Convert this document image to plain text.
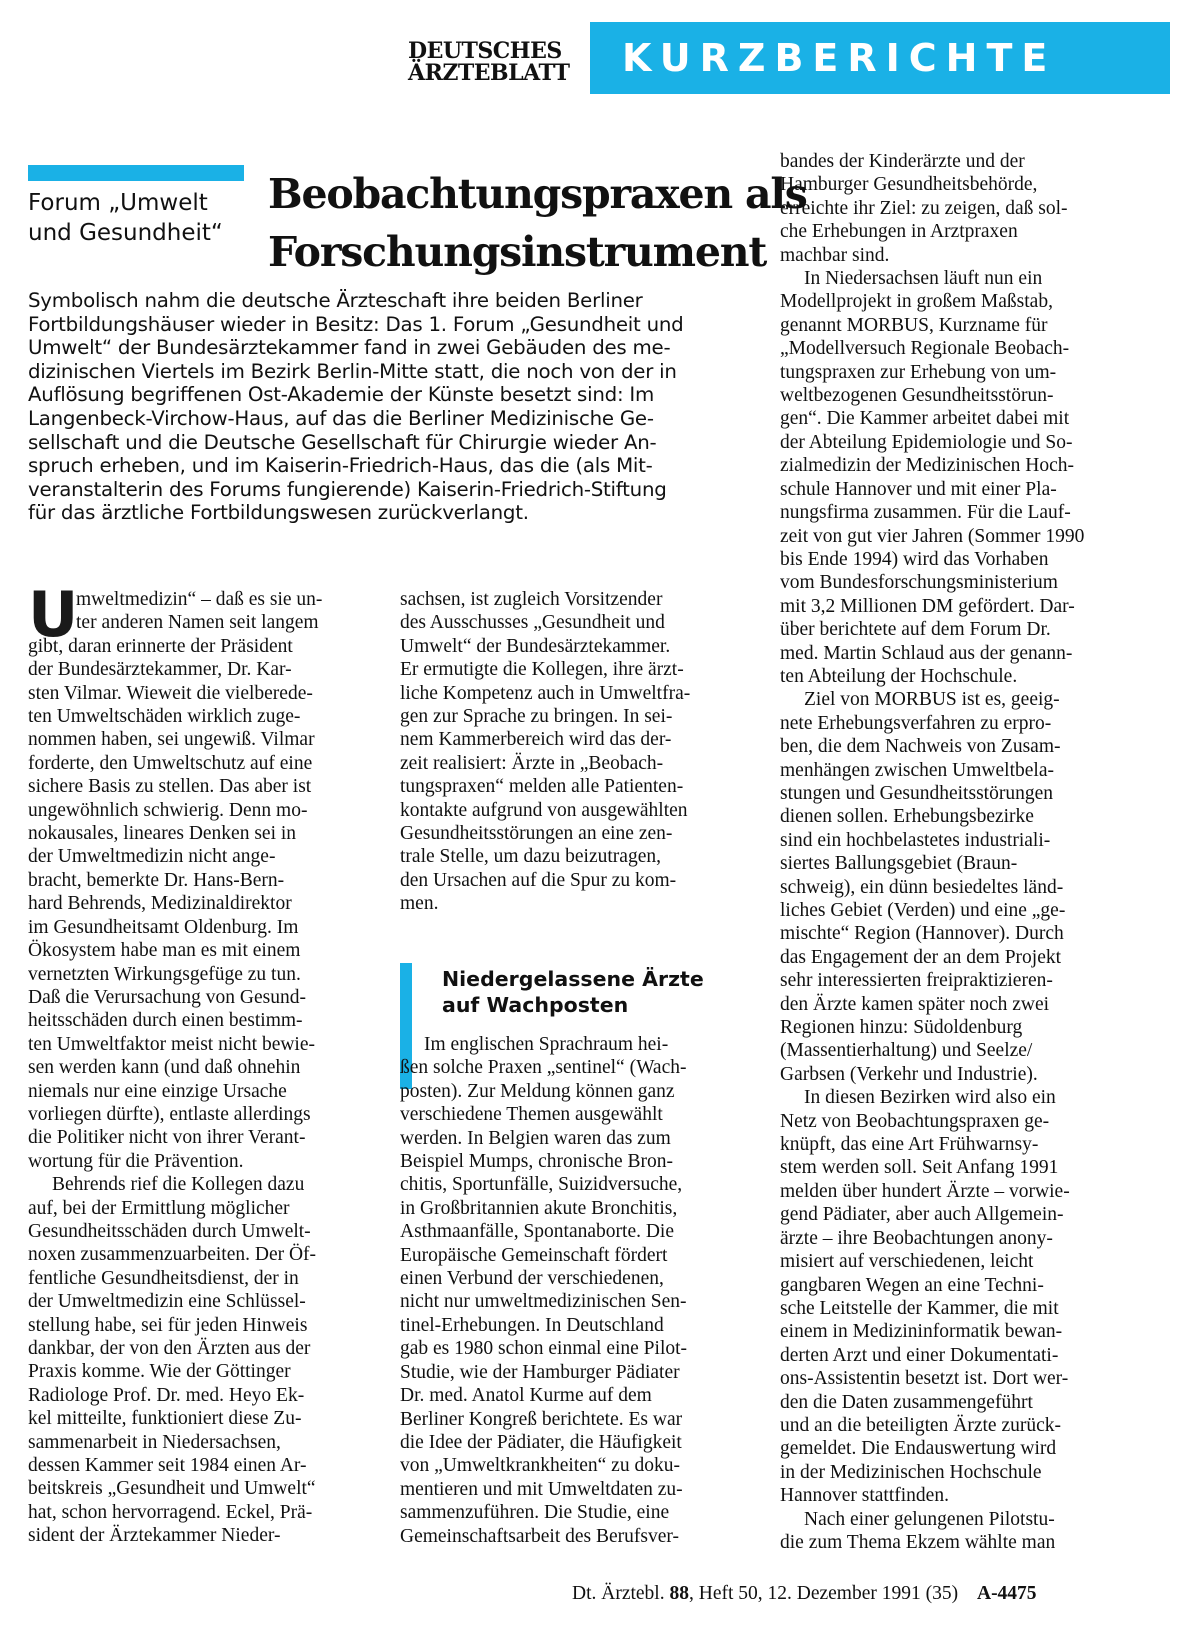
DEUTSCHES
ÄRZTEBLATT	KURZBERICHTE
Forum „Umwelt
und Gesundheit“
Beobachtungspraxen als
Forschungsinstrument
Symbolisch nahm die deutsche Ärzteschaft ihre beiden Berliner
Fortbildungshäuser wieder in Besitz: Das 1. Forum „Gesundheit und
Umwelt“ der Bundesärztekammer fand in zwei Gebäuden des me-
dizinischen Viertels im Bezirk Berlin-Mitte statt, die noch von der in
Auflösung begriffenen Ost-Akademie der Künste besetzt sind: Im
Langenbeck-Virchow-Haus, auf das die Berliner Medizinische Ge-
sellschaft und die Deutsche Gesellschaft für Chirurgie wieder An-
spruch erheben, und im Kaiserin-Friedrich-Haus, das die (als Mit-
veranstalterin des Forums fungierende) Kaiserin-Friedrich-Stiftung
für das ärztliche Fortbildungswesen zurückverlangt.
U
mweltmedizin“ – daß es sie un-
ter anderen Namen seit langem
gibt, daran erinnerte der Präsident
der Bundesärztekammer, Dr. Kar-
sten Vilmar. Wieweit die vielberede-
ten Umweltschäden wirklich zuge-
nommen haben, sei ungewiß. Vilmar
forderte, den Umweltschutz auf eine
sichere Basis zu stellen. Das aber ist
ungewöhnlich schwierig. Denn mo-
nokausales, lineares Denken sei in
der Umweltmedizin nicht ange-
bracht, bemerkte Dr. Hans-Bern-
hard Behrends, Medizinaldirektor
im Gesundheitsamt Oldenburg. Im
Ökosystem habe man es mit einem
vernetzten Wirkungsgefüge zu tun.
Daß die Verursachung von Gesund-
heitsschäden durch einen bestimm-
ten Umweltfaktor meist nicht bewie-
sen werden kann (und daß ohnehin
niemals nur eine einzige Ursache
vorliegen dürfte), entlaste allerdings
die Politiker nicht von ihrer Verant-
wortung für die Prävention.
Behrends rief die Kollegen dazu
auf, bei der Ermittlung möglicher
Gesundheitsschäden durch Umwelt-
noxen zusammenzuarbeiten. Der Öf-
fentliche Gesundheitsdienst, der in
der Umweltmedizin eine Schlüssel-
stellung habe, sei für jeden Hinweis
dankbar, der von den Ärzten aus der
Praxis komme. Wie der Göttinger
Radiologe Prof. Dr. med. Heyo Ek-
kel mitteilte, funktioniert diese Zu-
sammenarbeit in Niedersachsen,
dessen Kammer seit 1984 einen Ar-
beitskreis „Gesundheit und Umwelt“
hat, schon hervorragend. Eckel, Prä-
sident der Ärztekammer Nieder-
sachsen, ist zugleich Vorsitzender
des Ausschusses „Gesundheit und
Umwelt“ der Bundesärztekammer.
Er ermutigte die Kollegen, ihre ärzt-
liche Kompetenz auch in Umweltfra-
gen zur Sprache zu bringen. In sei-
nem Kammerbereich wird das der-
zeit realisiert: Ärzte in „Beobach-
tungspraxen“ melden alle Patienten-
kontakte aufgrund von ausgewählten
Gesundheitsstörungen an eine zen-
trale Stelle, um dazu beizutragen,
den Ursachen auf die Spur zu kom-
men.
Niedergelassene Ärzte
auf Wachposten
Im englischen Sprachraum hei-
ßen solche Praxen „sentinel“ (Wach-
posten). Zur Meldung können ganz
verschiedene Themen ausgewählt
werden. In Belgien waren das zum
Beispiel Mumps, chronische Bron-
chitis, Sportunfälle, Suizidversuche,
in Großbritannien akute Bronchitis,
Asthmaanfälle, Spontanaborte. Die
Europäische Gemeinschaft fördert
einen Verbund der verschiedenen,
nicht nur umweltmedizinischen Sen-
tinel-Erhebungen. In Deutschland
gab es 1980 schon einmal eine Pilot-
Studie, wie der Hamburger Pädiater
Dr. med. Anatol Kurme auf dem
Berliner Kongreß berichtete. Es war
die Idee der Pädiater, die Häufigkeit
von „Umweltkrankheiten“ zu doku-
mentieren und mit Umweltdaten zu-
sammenzuführen. Die Studie, eine
Gemeinschaftsarbeit des Berufsver-
bandes der Kinderärzte und der
Hamburger Gesundheitsbehörde,
erreichte ihr Ziel: zu zeigen, daß sol-
che Erhebungen in Arztpraxen
machbar sind.
In Niedersachsen läuft nun ein
Modellprojekt in großem Maßstab,
genannt MORBUS, Kurzname für
„Modellversuch Regionale Beobach-
tungspraxen zur Erhebung von um-
weltbezogenen Gesundheitsstörun-
gen“. Die Kammer arbeitet dabei mit
der Abteilung Epidemiologie und So-
zialmedizin der Medizinischen Hoch-
schule Hannover und mit einer Pla-
nungsfirma zusammen. Für die Lauf-
zeit von gut vier Jahren (Sommer 1990
bis Ende 1994) wird das Vorhaben
vom Bundesforschungsministerium
mit 3,2 Millionen DM gefördert. Dar-
über berichtete auf dem Forum Dr.
med. Martin Schlaud aus der genann-
ten Abteilung der Hochschule.
Ziel von MORBUS ist es, geeig-
nete Erhebungsverfahren zu erpro-
ben, die dem Nachweis von Zusam-
menhängen zwischen Umweltbela-
stungen und Gesundheitsstörungen
dienen sollen. Erhebungsbezirke
sind ein hochbelastetes industriali-
siertes Ballungsgebiet (Braun-
schweig), ein dünn besiedeltes länd-
liches Gebiet (Verden) und eine „ge-
mischte“ Region (Hannover). Durch
das Engagement der an dem Projekt
sehr interessierten freipraktizieren-
den Ärzte kamen später noch zwei
Regionen hinzu: Südoldenburg
(Massentierhaltung) und Seelze/
Garbsen (Verkehr und Industrie).
In diesen Bezirken wird also ein
Netz von Beobachtungspraxen ge-
knüpft, das eine Art Frühwarnsy-
stem werden soll. Seit Anfang 1991
melden über hundert Ärzte – vorwie-
gend Pädiater, aber auch Allgemein-
ärzte – ihre Beobachtungen anony-
misiert auf verschiedenen, leicht
gangbaren Wegen an eine Techni-
sche Leitstelle der Kammer, die mit
einem in Medizininformatik bewan-
derten Arzt und einer Dokumentati-
ons-Assistentin besetzt ist. Dort wer-
den die Daten zusammengeführt
und an die beteiligten Ärzte zurück-
gemeldet. Die Endauswertung wird
in der Medizinischen Hochschule
Hannover stattfinden.
Nach einer gelungenen Pilotstu-
die zum Thema Ekzem wählte man
Dt. Ärztebl. 88, Heft 50, 12. Dezember 1991 (35) A-4475
